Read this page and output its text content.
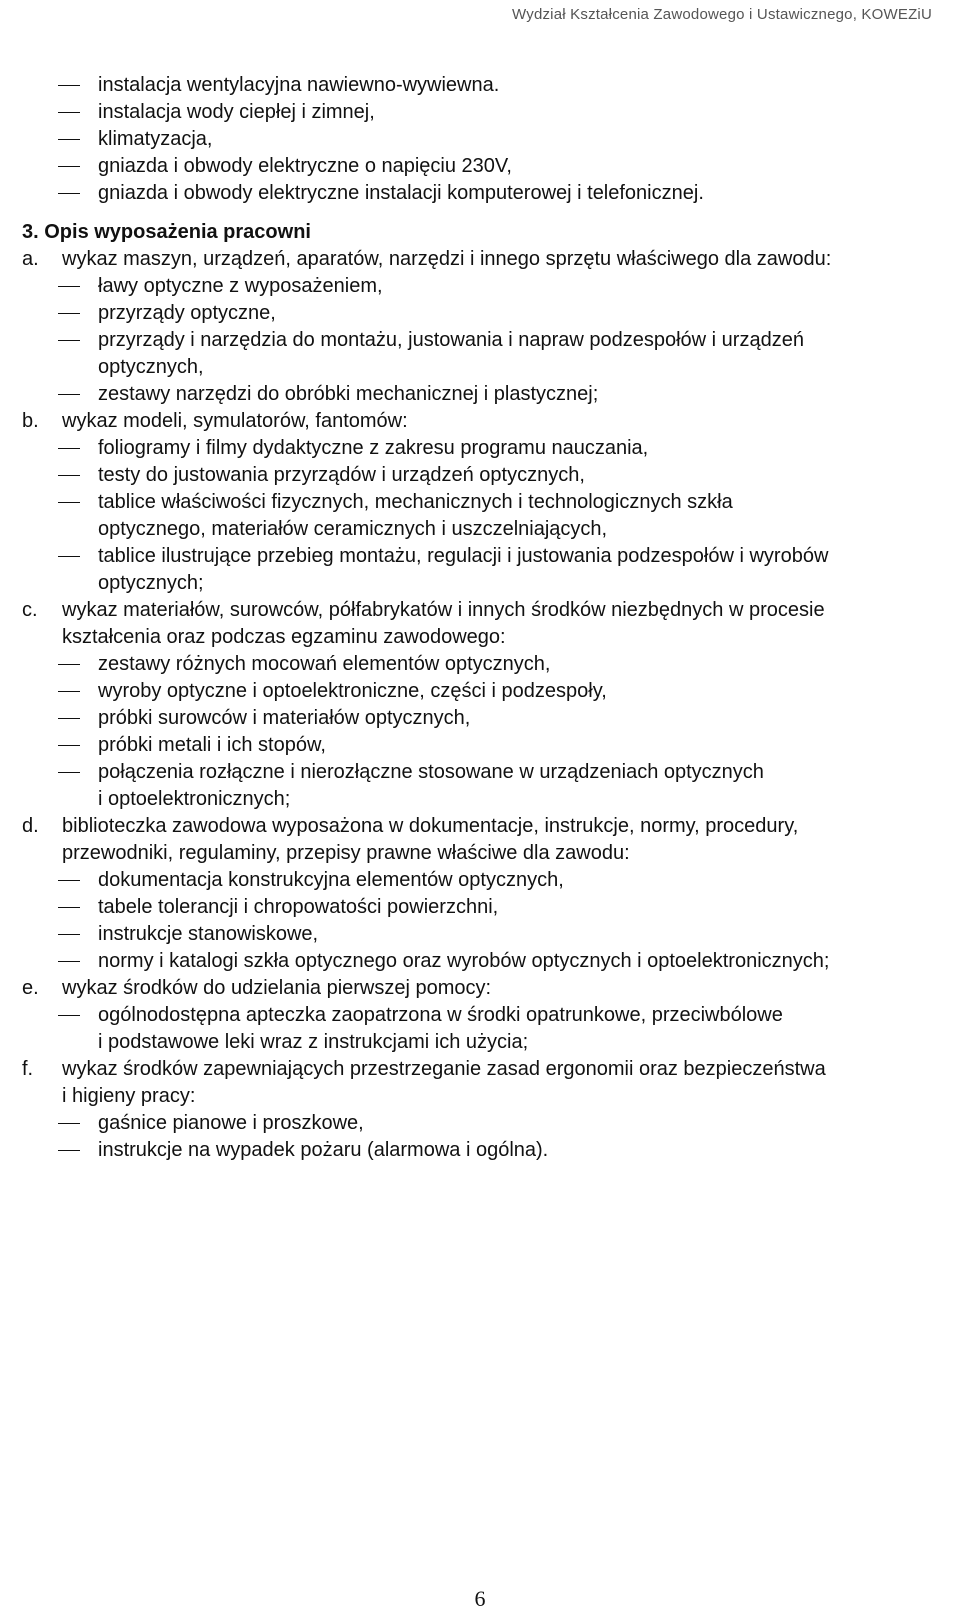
Wydział Kształcenia Zawodowego i Ustawicznego, KOWEZiU
instalacja wentylacyjna nawiewno-wywiewna.
instalacja wody ciepłej i zimnej,
klimatyzacja,
gniazda i obwody elektryczne o napięciu 230V,
gniazda i obwody elektryczne instalacji komputerowej i telefonicznej.
3. Opis wyposażenia pracowni
a. wykaz maszyn, urządzeń, aparatów, narzędzi i innego sprzętu właściwego dla zawodu:
ławy optyczne z wyposażeniem,
przyrządy optyczne,
przyrządy i narzędzia do montażu, justowania i napraw podzespołów i urządzeń
optycznych,
zestawy narzędzi do obróbki mechanicznej i plastycznej;
b. wykaz modeli, symulatorów, fantomów:
foliogramy i filmy dydaktyczne z zakresu programu nauczania,
testy do justowania przyrządów i urządzeń optycznych,
tablice właściwości fizycznych, mechanicznych i technologicznych szkła
optycznego, materiałów ceramicznych i uszczelniających,
tablice ilustrujące przebieg montażu, regulacji i justowania podzespołów i wyrobów
optycznych;
c. wykaz materiałów, surowców, półfabrykatów i innych środków niezbędnych w procesie
kształcenia oraz podczas egzaminu zawodowego:
zestawy różnych mocowań elementów optycznych,
wyroby optyczne i optoelektroniczne, części i podzespoły,
próbki surowców i materiałów optycznych,
próbki metali i ich stopów,
połączenia rozłączne i nierozłączne stosowane w urządzeniach optycznych
i optoelektronicznych;
d. biblioteczka zawodowa wyposażona w dokumentacje, instrukcje, normy, procedury,
przewodniki, regulaminy, przepisy prawne właściwe dla zawodu:
dokumentacja konstrukcyjna elementów optycznych,
tabele tolerancji i chropowatości powierzchni,
instrukcje stanowiskowe,
normy i katalogi szkła optycznego oraz wyrobów optycznych i optoelektronicznych;
e. wykaz środków do udzielania pierwszej pomocy:
ogólnodostępna apteczka zaopatrzona w środki opatrunkowe, przeciwbólowe
i podstawowe leki wraz z instrukcjami ich użycia;
f. wykaz środków zapewniających przestrzeganie zasad ergonomii oraz bezpieczeństwa
i higieny pracy:
gaśnice pianowe i proszkowe,
instrukcje na wypadek pożaru (alarmowa i ogólna).
6
